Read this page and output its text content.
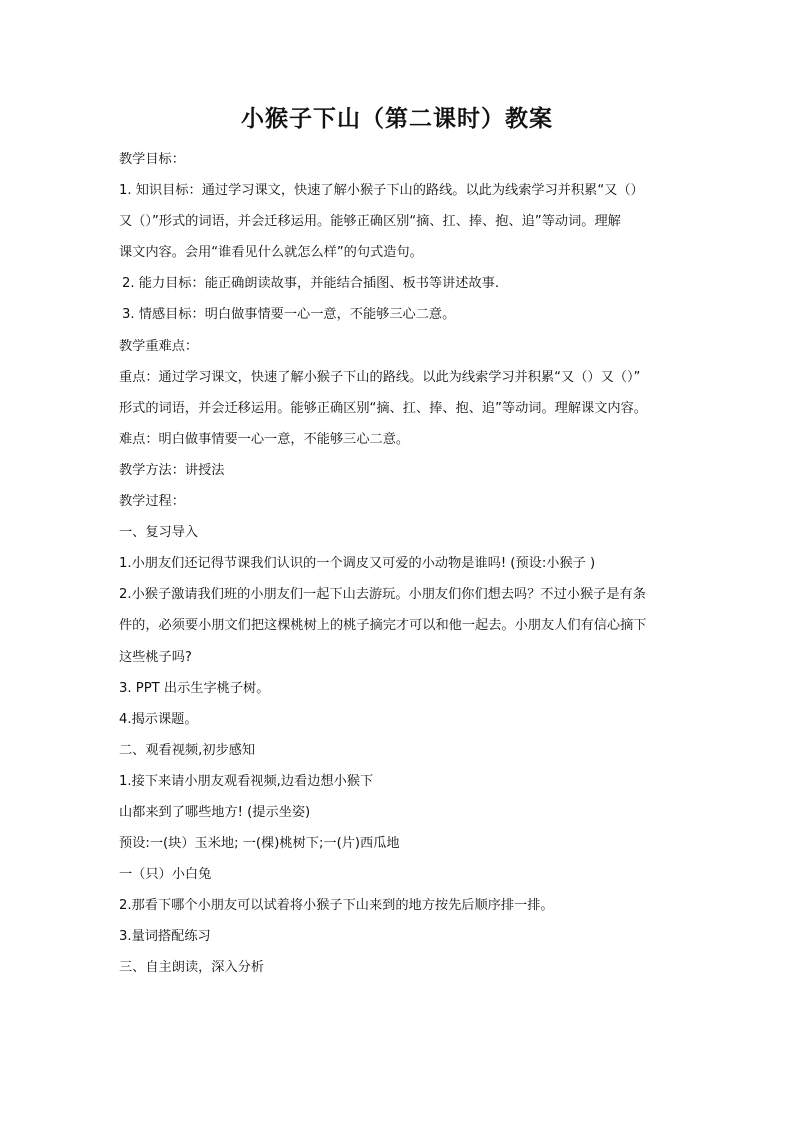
小猴子下山（第二课时）教案
教学目标：
1. 知识目标：通过学习课文，快速了解小猴子下山的路线。以此为线索学习并积累“又（）
又（）”形式的词语，并会迁移运用。能够正确区别“摘、扛、捧、抱、追”等动词。理解
课文内容。会用“谁看见什么就怎么样”的句式造句。
2. 能力目标：能正确朗读故事，并能结合插图、板书等讲述故事.
3. 情感目标：明白做事情要一心一意，不能够三心二意。
教学重难点：
重点：通过学习课文，快速了解小猴子下山的路线。以此为线索学习并积累“又（）又（）”
形式的词语，并会迁移运用。能够正确区别“摘、扛、捧、抱、追”等动词。理解课文内容。
难点：明白做事情要一心一意，不能够三心二意。
教学方法：讲授法
教学过程：
一、复习导入
1.小朋友们还记得节课我们认识的一个调皮又可爱的小动物是谁吗! (预设:小猴子 )
2.小猴子激请我们班的小朋友们一起下山去游玩。小朋友们你们想去吗？不过小猴子是有条
件的，必须要小朋文们把这棵桃树上的桃子摘完才可以和他一起去。小朋友人们有信心摘下
这些桃子吗?
3. PPT 出示生字桃子树。
4.揭示课题。
二、观看视频,初步感知
1.接下来请小朋友观看视频,边看边想小猴下
山都来到了哪些地方! (提示坐姿)
预设:一(块）玉米地; 一(棵)桃树下;一(片)西瓜地
一（只）小白兔
2.那看下哪个小朋友可以试着将小猴子下山来到的地方按先后顺序排一排。
3.量词搭配练习
三、自主朗读，深入分析
